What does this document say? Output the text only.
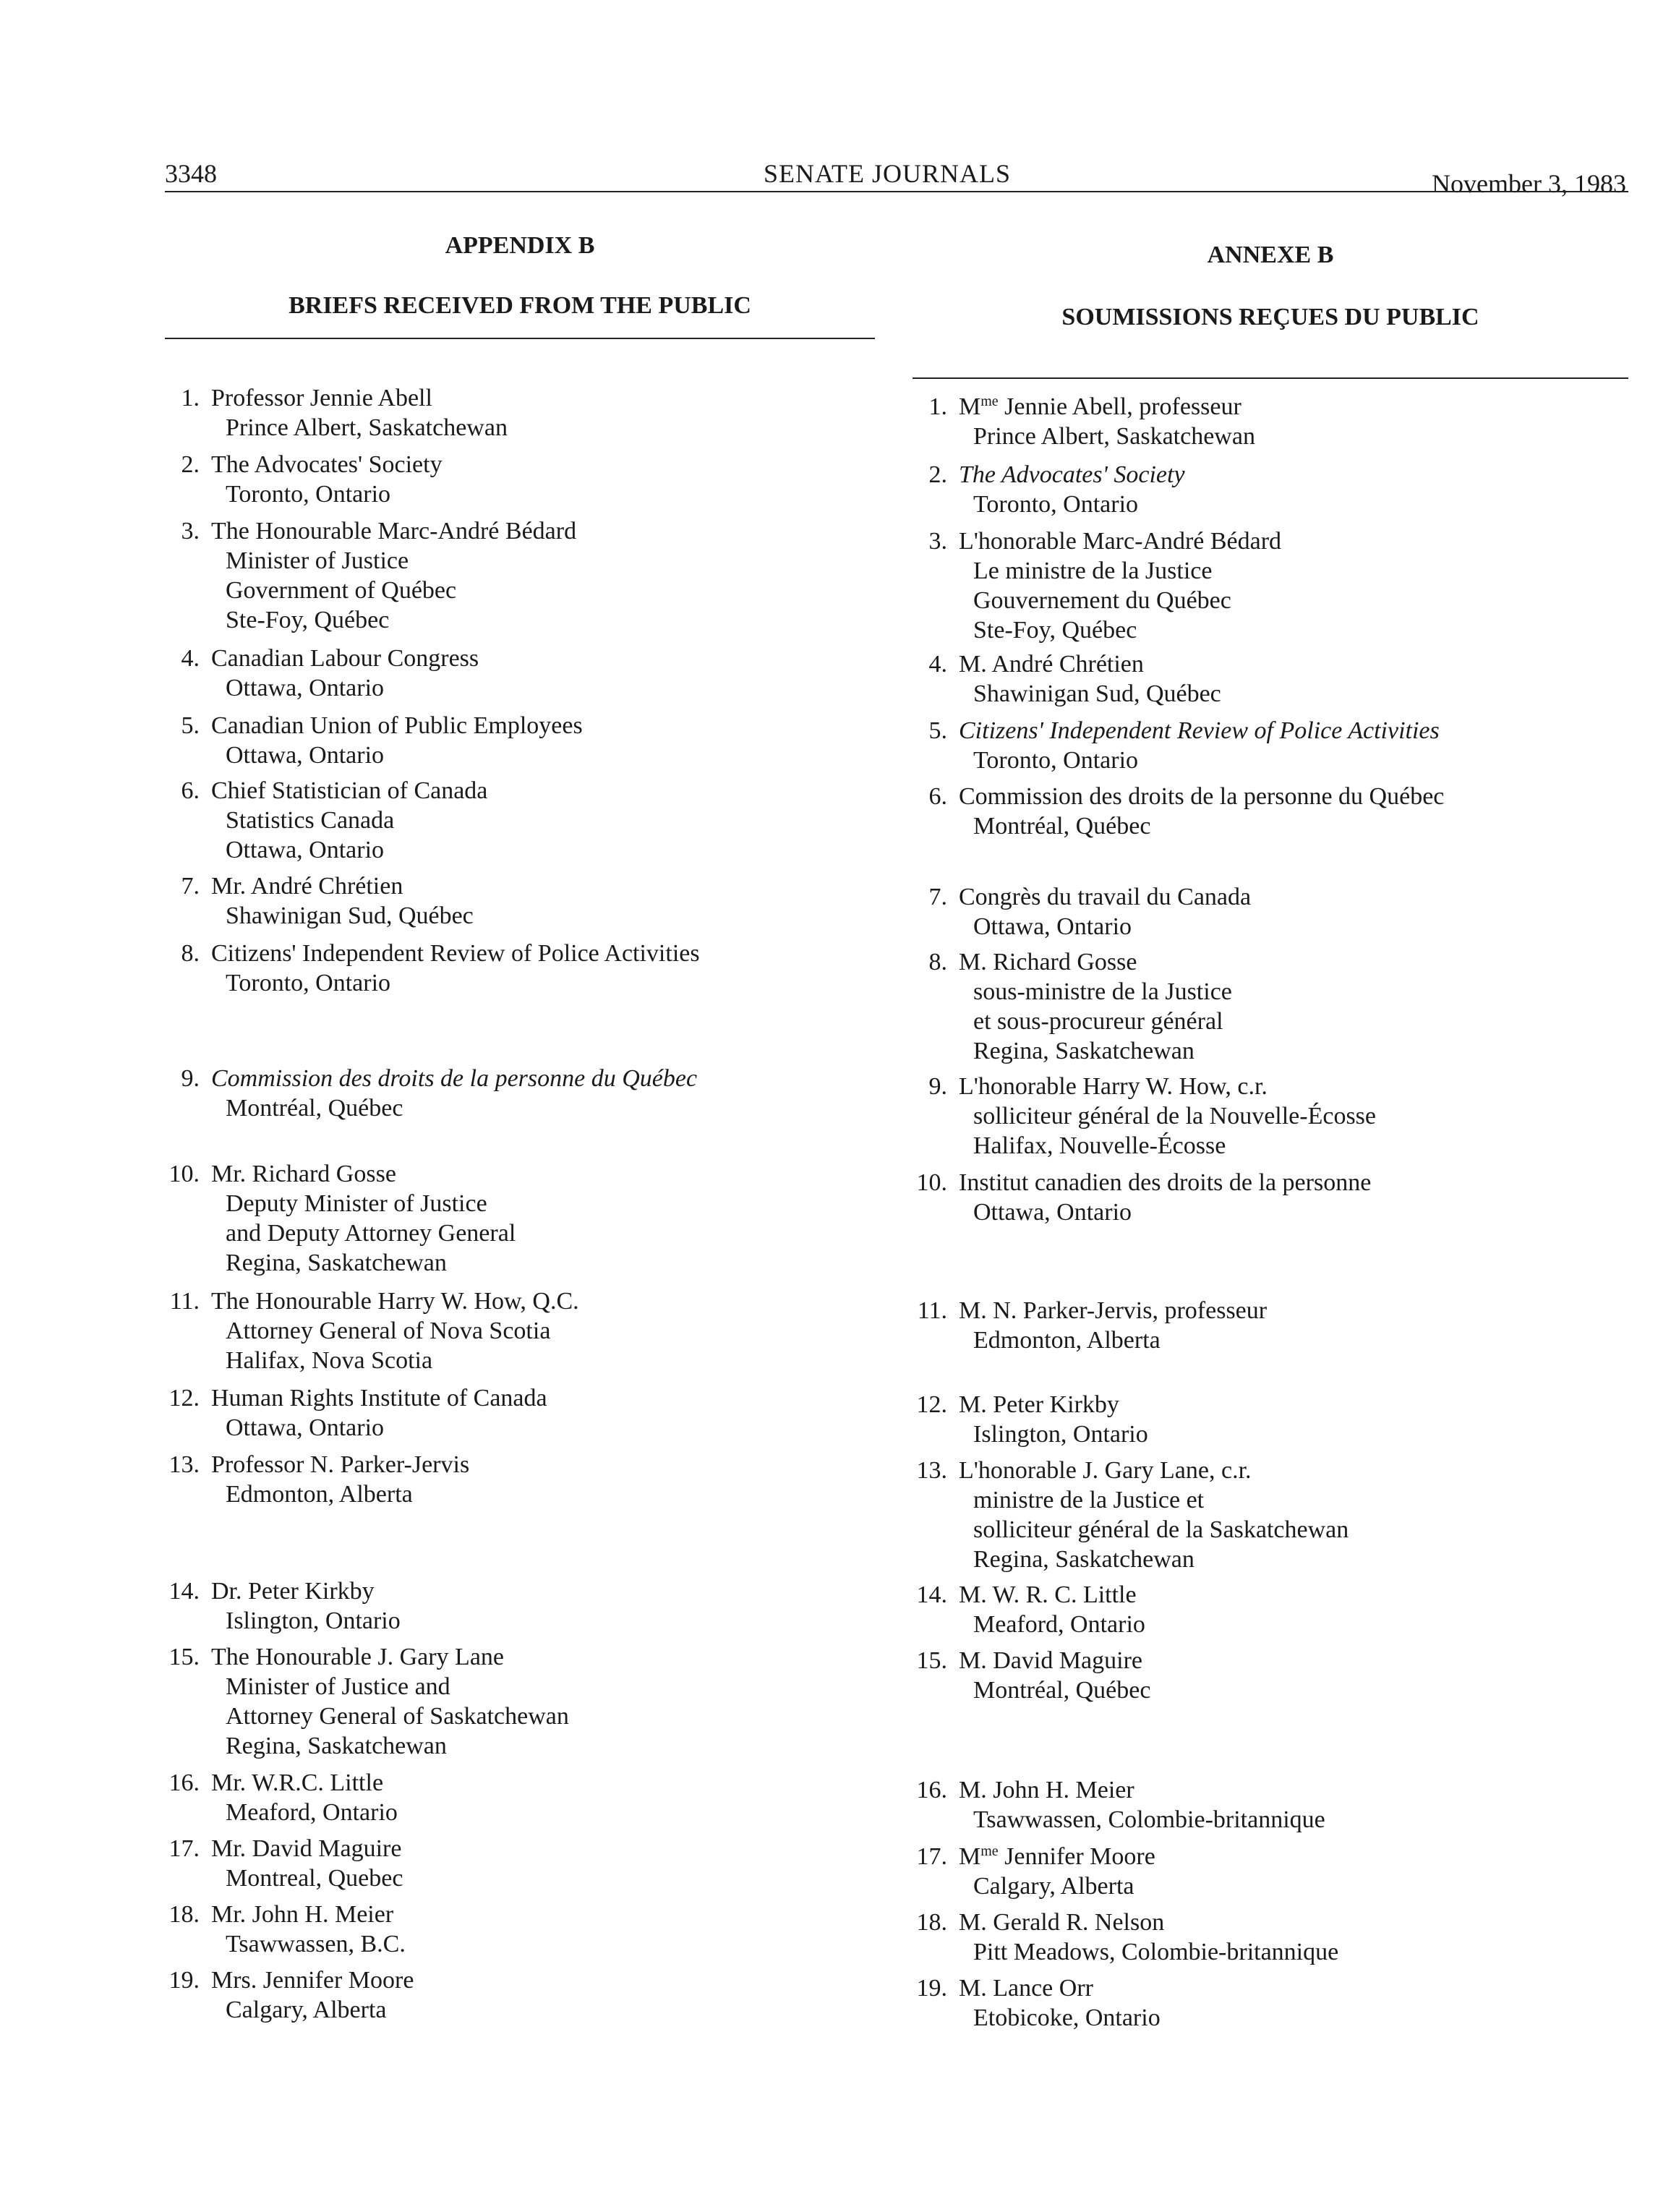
3348	SENATE JOURNALS	November 3, 1983
APPENDIX B
BRIEFS RECEIVED FROM THE PUBLIC
ANNEXE B
SOUMISSIONS REÇUES DU PUBLIC
1. Professor Jennie Abell
Prince Albert, Saskatchewan
2. The Advocates' Society
Toronto, Ontario
3. The Honourable Marc-André Bédard
Minister of Justice
Government of Québec
Ste-Foy, Québec
4. Canadian Labour Congress
Ottawa, Ontario
5. Canadian Union of Public Employees
Ottawa, Ontario
6. Chief Statistician of Canada
Statistics Canada
Ottawa, Ontario
7. Mr. André Chrétien
Shawinigan Sud, Québec
8. Citizens' Independent Review of Police Activities
Toronto, Ontario
9. Commission des droits de la personne du Québec
Montréal, Québec
10. Mr. Richard Gosse
Deputy Minister of Justice
and Deputy Attorney General
Regina, Saskatchewan
11. The Honourable Harry W. How, Q.C.
Attorney General of Nova Scotia
Halifax, Nova Scotia
12. Human Rights Institute of Canada
Ottawa, Ontario
13. Professor N. Parker-Jervis
Edmonton, Alberta
14. Dr. Peter Kirkby
Islington, Ontario
15. The Honourable J. Gary Lane
Minister of Justice and
Attorney General of Saskatchewan
Regina, Saskatchewan
16. Mr. W.R.C. Little
Meaford, Ontario
17. Mr. David Maguire
Montreal, Quebec
18. Mr. John H. Meier
Tsawwassen, B.C.
19. Mrs. Jennifer Moore
Calgary, Alberta
1. $M^{me}$ Jennie Abell, professeur
Prince Albert, Saskatchewan
2. The Advocates' Society
Toronto, Ontario
3. L'honorable Marc-André Bédard
Le ministre de la Justice
Gouvernement du Québec
Ste-Foy, Québec
4. M. André Chrétien
Shawinigan Sud, Québec
5. Citizens' Independent Review of Police Activities
Toronto, Ontario
6. Commission des droits de la personne du Québec
Montréal, Québec
7. Congrès du travail du Canada
Ottawa, Ontario
8. M. Richard Gosse
sous-ministre de la Justice
et sous-procureur général
Regina, Saskatchewan
9. L'honorable Harry W. How, c.r.
solliciteur général de la Nouvelle-Écosse
Halifax, Nouvelle-Écosse
10. Institut canadien des droits de la personne
Ottawa, Ontario
11. M. N. Parker-Jervis, professeur
Edmonton, Alberta
12. M. Peter Kirkby
Islington, Ontario
13. L'honorable J. Gary Lane, c.r.
ministre de la Justice et
solliciteur général de la Saskatchewan
Regina, Saskatchewan
14. M. W. R. C. Little
Meaford, Ontario
15. M. David Maguire
Montréal, Québec
16. M. John H. Meier
Tsawwassen, Colombie-britannique
17. $M^{me}$ Jennifer Moore
Calgary, Alberta
18. M. Gerald R. Nelson
Pitt Meadows, Colombie-britannique
19. M. Lance Orr
Etobicoke, Ontario
